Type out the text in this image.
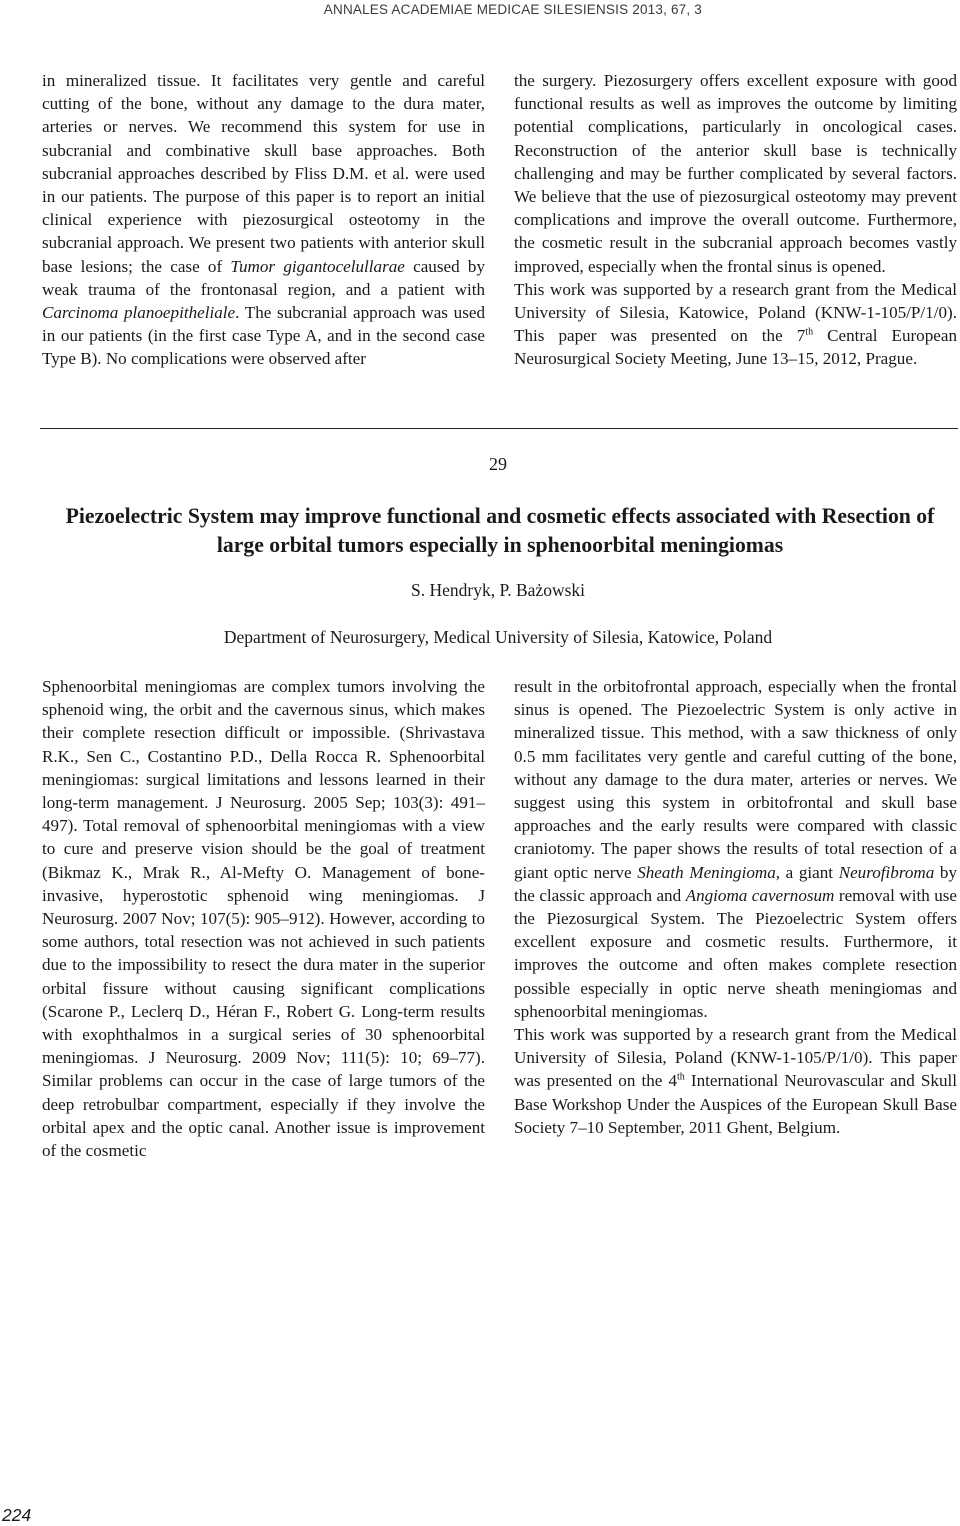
ANNALES ACADEMIAE MEDICAE SILESIENSIS 2013, 67, 3

in mineralized tissue. It facilitates very gentle and careful cutting of the bone, without any damage to the dura mater, arteries or nerves. We recommend this system for use in subcranial and combinative skull base approaches. Both subcranial approaches described by Fliss D.M. et al. were used in our patients. The purpose of this paper is to report an initial clinical experience with piezosurgical osteotomy in the subcranial approach. We present two patients with anterior skull base lesions; the case of Tumor gigantocelullarae caused by weak trauma of the frontonasal region, and a patient with Carcinoma planoepitheliale. The subcranial approach was used in our patients (in the first case Type A, and in the second case Type B). No complications were observed after

the surgery. Piezosurgery offers excellent exposure with good functional results as well as improves the outcome by limiting potential complications, particularly in oncological cases. Reconstruction of the anterior skull base is technically challenging and may be further complicated by several factors. We believe that the use of piezosurgical osteotomy may prevent complications and improve the overall outcome. Furthermore, the cosmetic result in the subcranial approach becomes vastly improved, especially when the frontal sinus is opened.

This work was supported by a research grant from the Medical University of Silesia, Katowice, Poland (KNW-1-105/P/1/0). This paper was presented on the 7th Central European Neurosurgical Society Meeting, June 13–15, 2012, Prague.

29
Piezoelectric System may improve functional and cosmetic effects associated with Resection of large orbital tumors especially in sphenoorbital meningiomas
S. Hendryk, P. Bażowski
Department of Neurosurgery, Medical University of Silesia, Katowice, Poland

Sphenoorbital meningiomas are complex tumors involving the sphenoid wing, the orbit and the cavernous sinus, which makes their complete resection difficult or impossible. (Shrivastava R.K., Sen C., Costantino P.D., Della Rocca R. Sphenoorbital meningiomas: surgical limitations and lessons learned in their long-term management. J Neurosurg. 2005 Sep; 103(3): 491–497). Total removal of sphenoorbital meningiomas with a view to cure and preserve vision should be the goal of treatment (Bikmaz K., Mrak R., Al-Mefty O. Management of bone-invasive, hyperostotic sphenoid wing meningiomas. J Neurosurg. 2007 Nov; 107(5): 905–912). However, according to some authors, total resection was not achieved in such patients due to the impossibility to resect the dura mater in the superior orbital fissure without causing significant complications (Scarone P., Leclerq D., Héran F., Robert G. Long-term results with exophthalmos in a surgical series of 30 sphenoorbital meningiomas. J Neurosurg. 2009 Nov; 111(5): 10; 69–77). Similar problems can occur in the case of large tumors of the deep retrobulbar compartment, especially if they involve the orbital apex and the optic canal. Another issue is improvement of the cosmetic

result in the orbitofrontal approach, especially when the frontal sinus is opened. The Piezoelectric System is only active in mineralized tissue. This method, with a saw thickness of only 0.5 mm facilitates very gentle and careful cutting of the bone, without any damage to the dura mater, arteries or nerves. We suggest using this system in orbitofrontal and skull base approaches and the early results were compared with classic craniotomy. The paper shows the results of total resection of a giant optic nerve Sheath Meningioma, a giant Neurofibroma by the classic approach and Angioma cavernosum removal with use the Piezosurgical System. The Piezoelectric System offers excellent exposure and cosmetic results. Furthermore, it improves the outcome and often makes complete resection possible especially in optic nerve sheath meningiomas and sphenoorbital meningiomas.

This work was supported by a research grant from the Medical University of Silesia, Poland (KNW-1-105/P/1/0). This paper was presented on the 4th International Neurovascular and Skull Base Workshop Under the Auspices of the European Skull Base Society 7–10 September, 2011 Ghent, Belgium.

224
